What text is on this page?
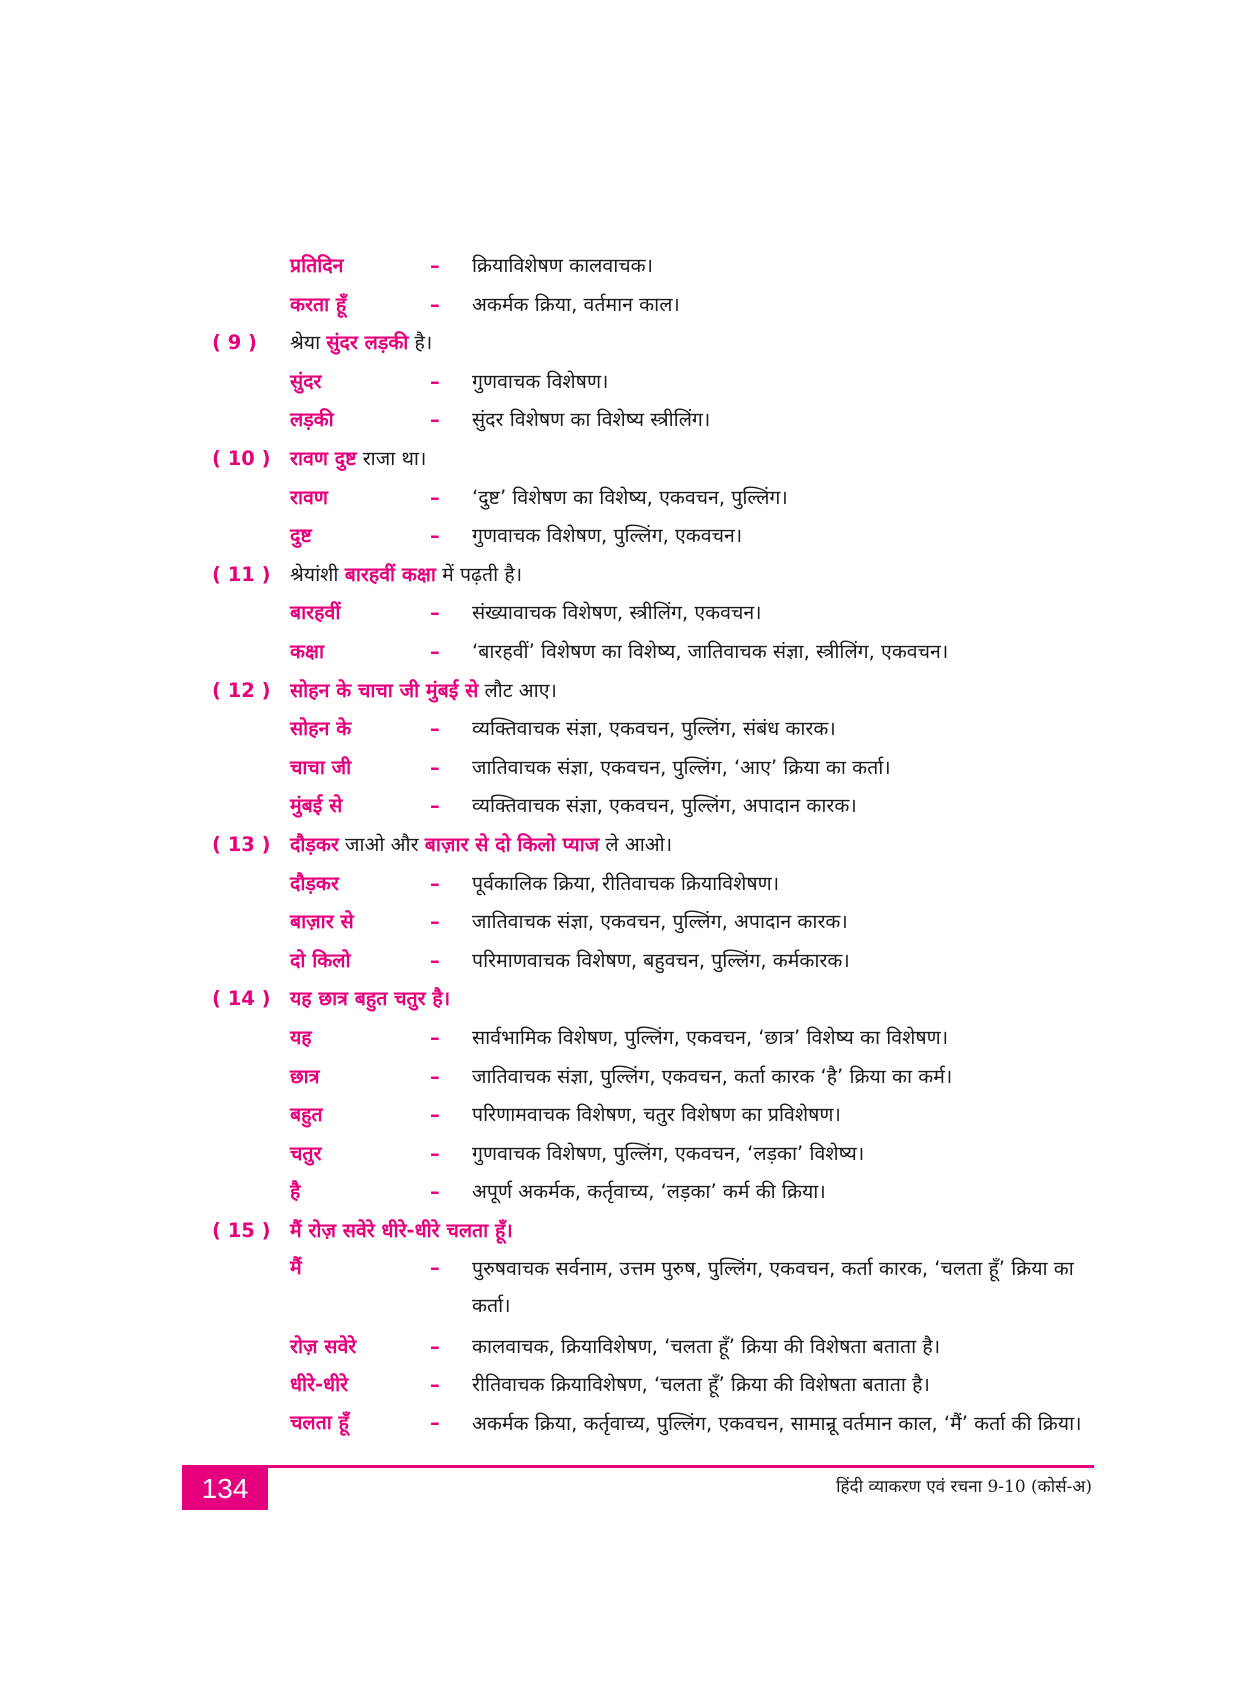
प्रतिदिन	–	क्रियाविशेषण कालवाचक।
करता हूँ	–	अकर्मक क्रिया, वर्तमान काल।
( 9 )	श्रेया सुंदर लड़की है।
सुंदर	–	गुणवाचक विशेषण।
लड़की	–	सुंदर विशेषण का विशेष्य स्त्रीलिंग।
( 10 ) रावण दुष्ट राजा था।
रावण	–	‘दुष्ट’ विशेषण का विशेष्य, एकवचन, पुल्लिंग।
दुष्ट	–	गुणवाचक विशेषण, पुल्लिंग, एकवचन।
( 11 ) श्रेयांशी बारहवीं कक्षा में पढ़ती है।
बारहवीं	–	संख्यावाचक विशेषण, स्त्रीलिंग, एकवचन।
कक्षा	–	‘बारहवीं’ विशेषण का विशेष्य, जातिवाचक संज्ञा, स्त्रीलिंग, एकवचन।
( 12 ) सोहन के चाचा जी मुंबई से लौट आए।
सोहन के	–	व्यक्तिवाचक संज्ञा, एकवचन, पुल्लिंग, संबंध कारक।
चाचा जी	–	जातिवाचक संज्ञा, एकवचन, पुल्लिंग, ‘आए’ क्रिया का कर्ता।
मुंबई से	–	व्यक्तिवाचक संज्ञा, एकवचन, पुल्लिंग, अपादान कारक।
( 13 ) दौड़कर जाओ और बाज़ार से दो किलो प्याज ले आओ।
दौड़कर	–	पूर्वकालिक क्रिया, रीतिवाचक क्रियाविशेषण।
बाज़ार से	–	जातिवाचक संज्ञा, एकवचन, पुल्लिंग, अपादान कारक।
दो किलो	–	परिमाणवाचक विशेषण, बहुवचन, पुल्लिंग, कर्मकारक।
( 14 ) यह छात्र बहुत चतुर है।
यह	–	सार्वभामिक विशेषण, पुल्लिंग, एकवचन, ‘छात्र’ विशेष्य का विशेषण।
छात्र	–	जातिवाचक संज्ञा, पुल्लिंग, एकवचन, कर्ता कारक ‘है’ क्रिया का कर्म।
बहुत	–	परिणामवाचक विशेषण, चतुर विशेषण का प्रविशेषण।
चतुर	–	गुणवाचक विशेषण, पुल्लिंग, एकवचन, ‘लड़का’ विशेष्य।
है	–	अपूर्ण अकर्मक, कर्तृवाच्य, ‘लड़का’ कर्म की क्रिया।
( 15 ) मैं रोज़ सवेरे धीरे-धीरे चलता हूँ।
मैं	–	पुरुषवाचक सर्वनाम, उत्तम पुरुष, पुल्लिंग, एकवचन, कर्ता कारक, ‘चलता हूँ’ क्रिया का कर्ता।
रोज़ सवेरे	–	कालवाचक, क्रियाविशेषण, ‘चलता हूँ’ क्रिया की विशेषता बताता है।
धीरे-धीरे	–	रीतिवाचक क्रियाविशेषण, ‘चलता हूँ’ क्रिया की विशेषता बताता है।
चलता हूँ	–	अकर्मक क्रिया, कर्तृवाच्य, पुल्लिंग, एकवचन, सामान्रू वर्तमान काल, ‘मैं’ कर्ता की क्रिया।
134	हिंदी व्याकरण एवं रचना 9-10 (कोर्स-अ)
